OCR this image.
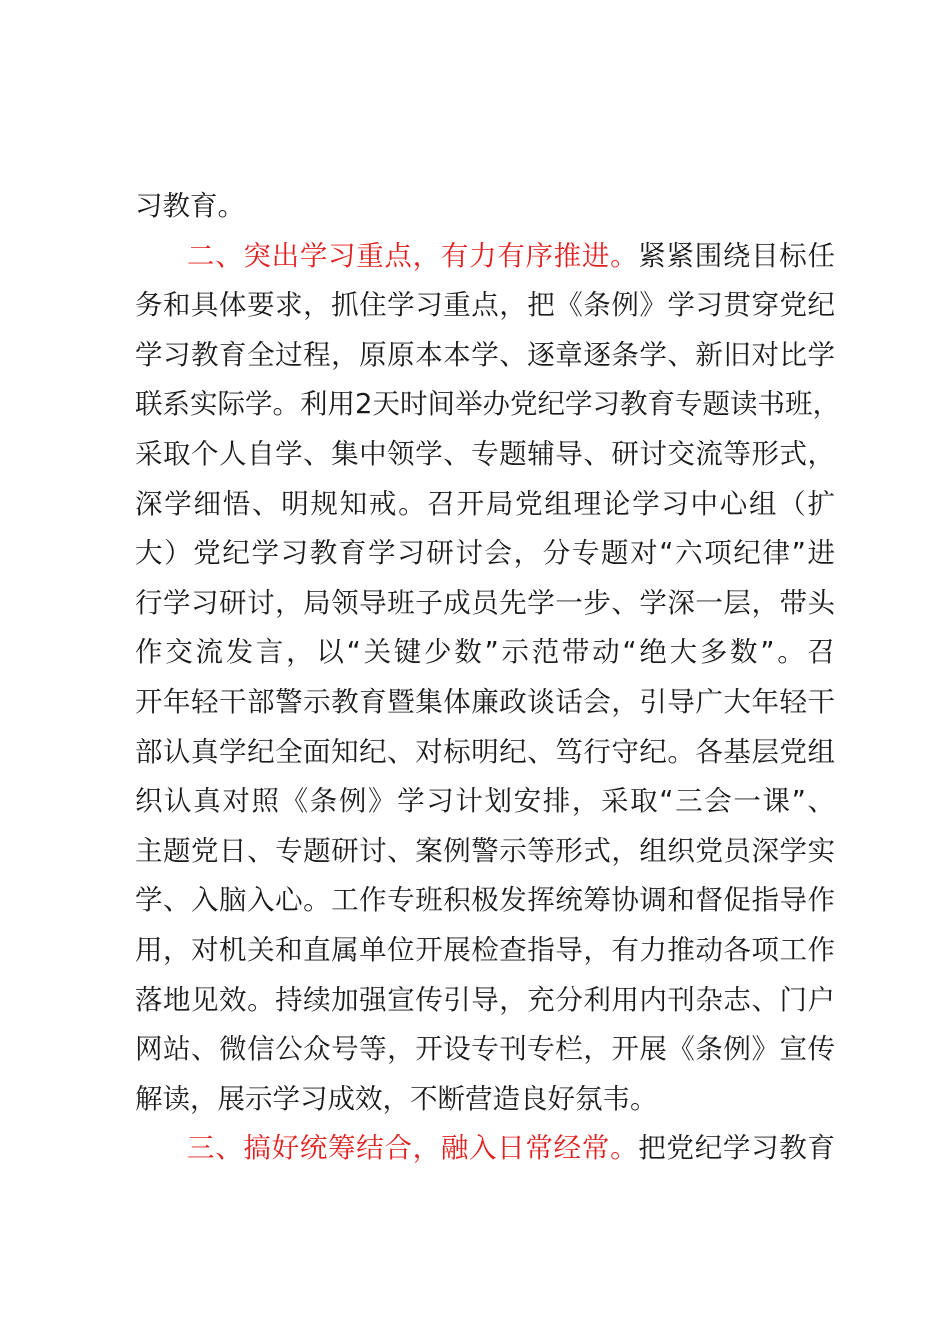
习教育。
二、突出学习重点，有力有序推进。紧紧围绕目标任
务和具体要求，抓住学习重点，把《条例》学习贯穿党纪
学习教育全过程，原原本本学、逐章逐条学、新旧对比学
联系实际学。利用2天时间举办党纪学习教育专题读书班，
采取个人自学、集中领学、专题辅导、研讨交流等形式，
深学细悟、明规知戒。召开局党组理论学习中心组（扩
大）党纪学习教育学习研讨会，分专题对“六项纪律”进
行学习研讨，局领导班子成员先学一步、学深一层，带头
作交流发言，以“关键少数”示范带动“绝大多数”。召
开年轻干部警示教育暨集体廉政谈话会，引导广大年轻干
部认真学纪全面知纪、对标明纪、笃行守纪。各基层党组
织认真对照《条例》学习计划安排，采取“三会一课”、
主题党日、专题研讨、案例警示等形式，组织党员深学实
学、入脑入心。工作专班积极发挥统筹协调和督促指导作
用，对机关和直属单位开展检查指导，有力推动各项工作
落地见效。持续加强宣传引导，充分利用内刊杂志、门户
网站、微信公众号等，开设专刊专栏，开展《条例》宣传
解读，展示学习成效，不断营造良好氛韦。
三、搞好统筹结合，融入日常经常。把党纪学习教育
